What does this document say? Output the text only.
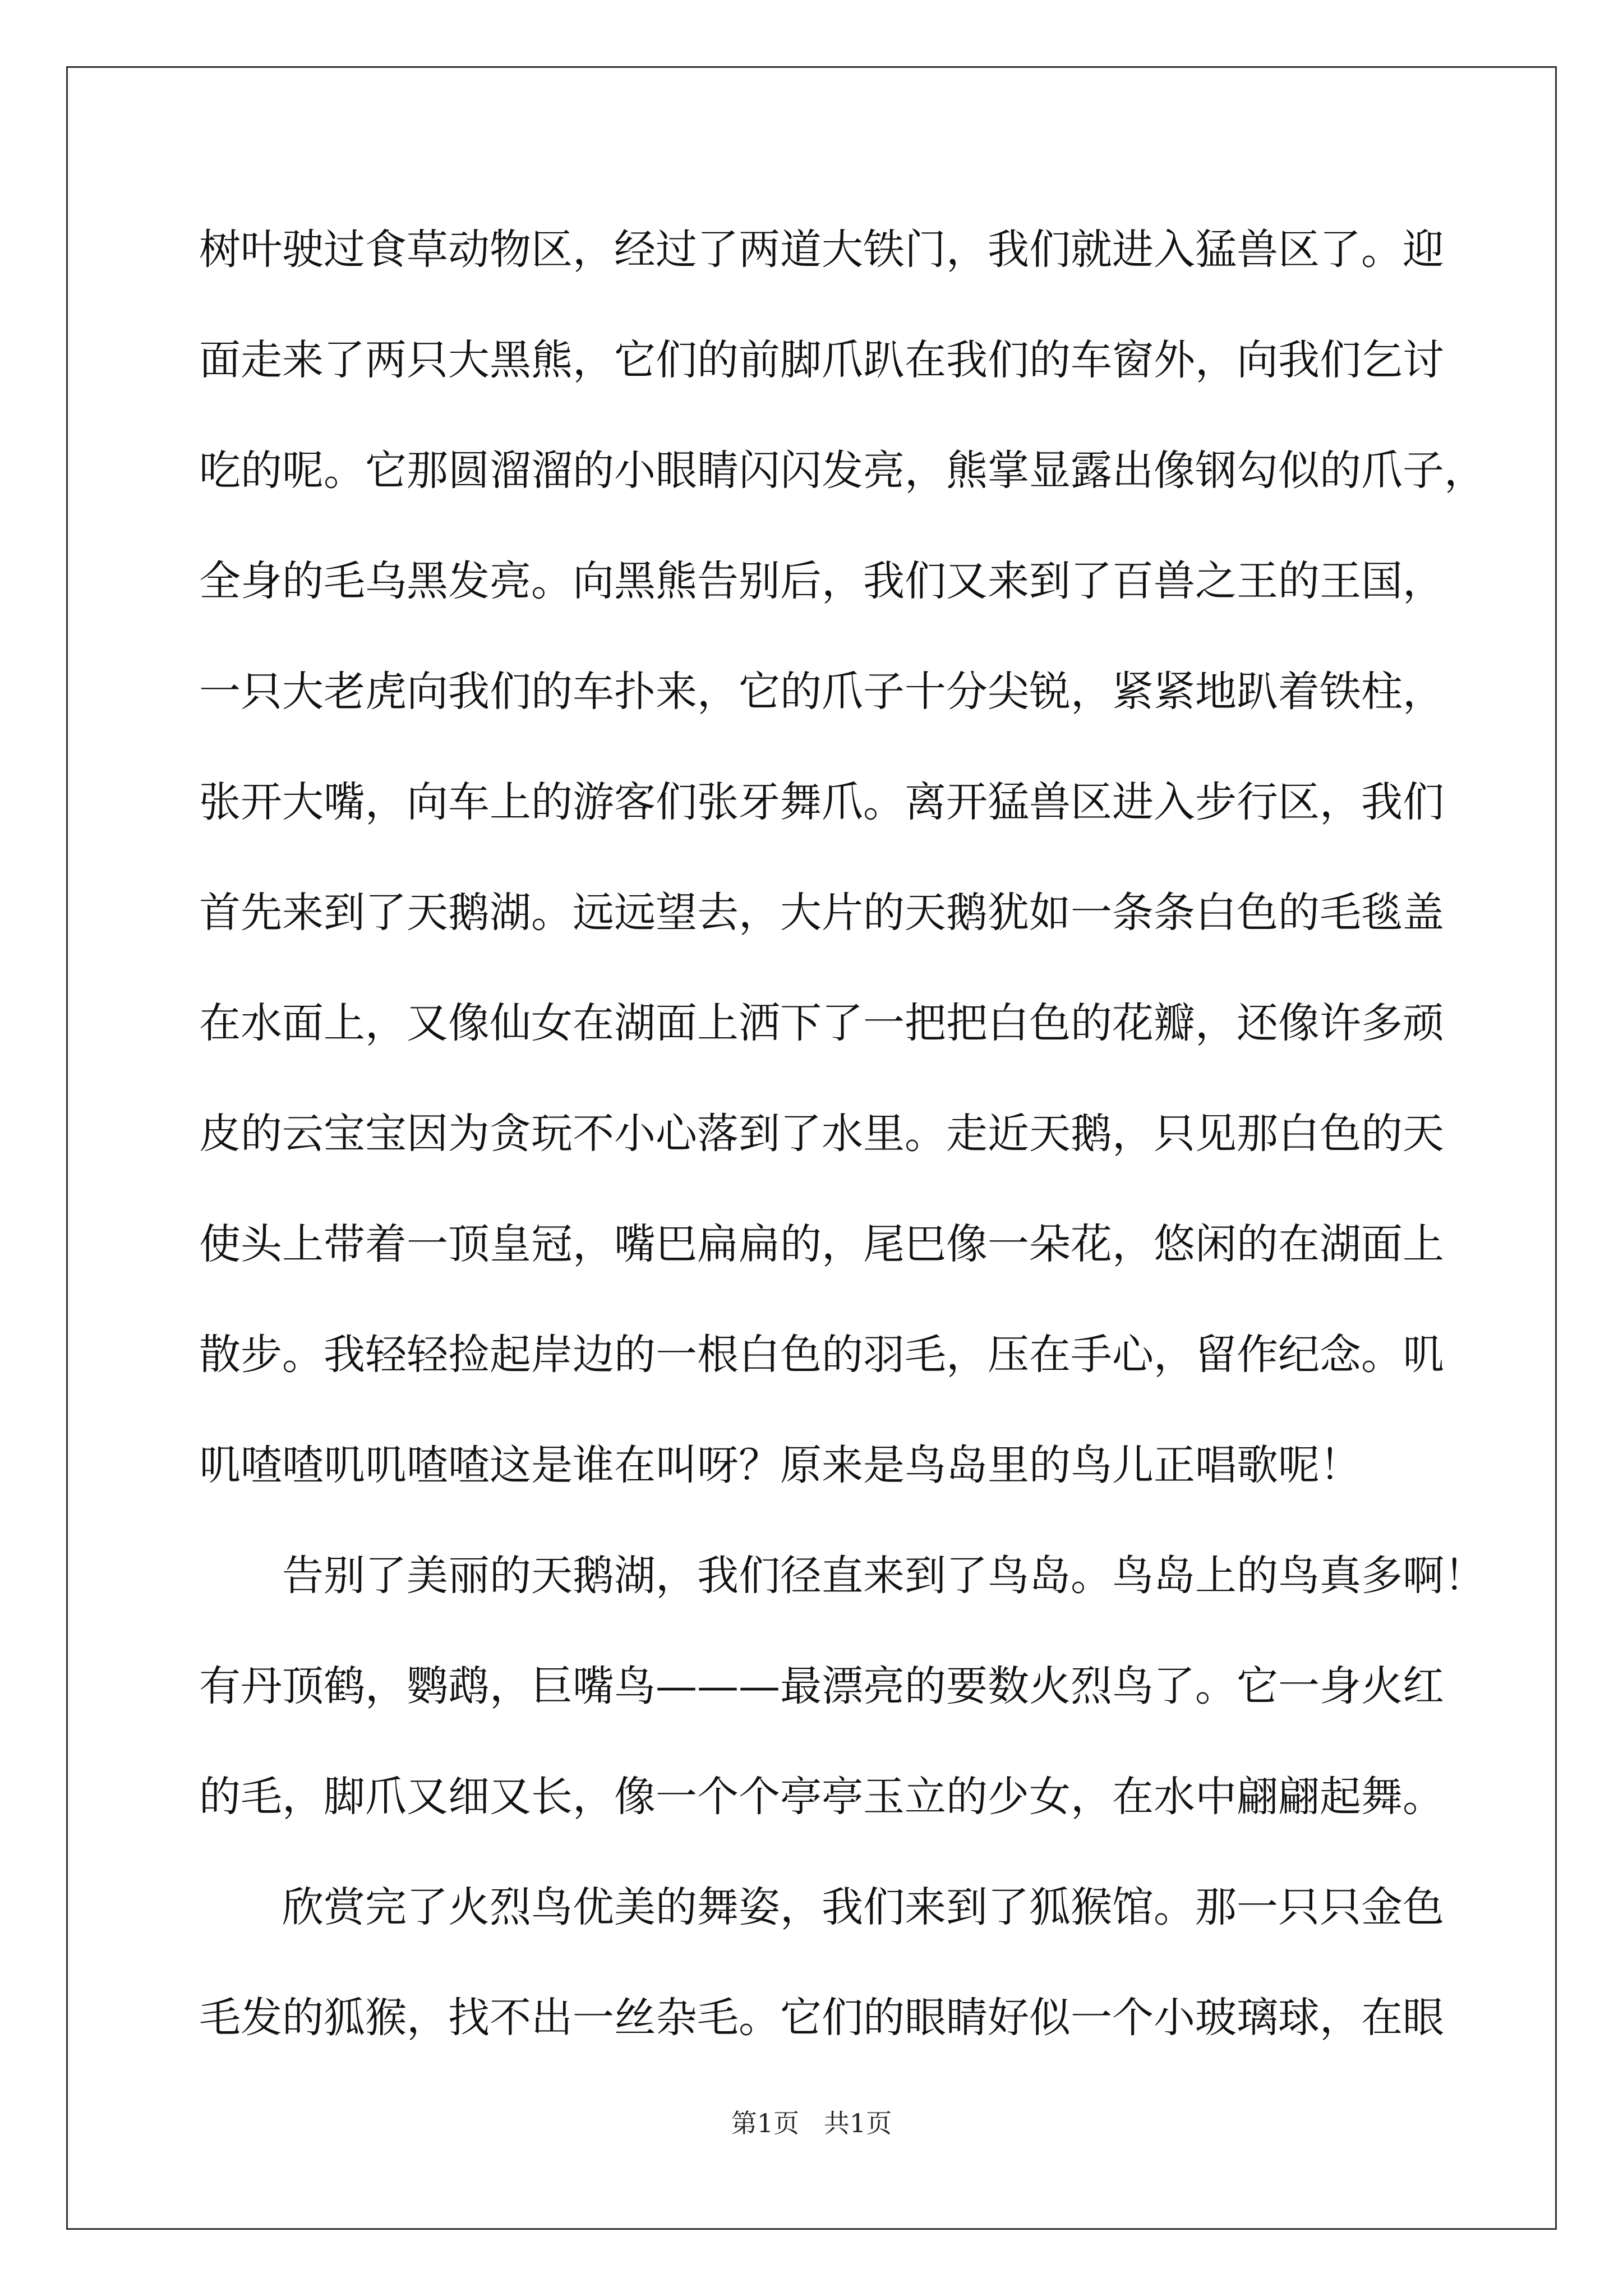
树叶驶过食草动物区，经过了两道大铁门，我们就进入猛兽区了。迎
面走来了两只大黑熊，它们的前脚爪趴在我们的车窗外，向我们乞讨
吃的呢。它那圆溜溜的小眼睛闪闪发亮，熊掌显露出像钢勾似的爪子，
全身的毛乌黑发亮。向黑熊告别后，我们又来到了百兽之王的王国，
一只大老虎向我们的车扑来，它的爪子十分尖锐，紧紧地趴着铁柱，
张开大嘴，向车上的游客们张牙舞爪。离开猛兽区进入步行区，我们
首先来到了天鹅湖。远远望去，大片的天鹅犹如一条条白色的毛毯盖
在水面上，又像仙女在湖面上洒下了一把把白色的花瓣，还像许多顽
皮的云宝宝因为贪玩不小心落到了水里。走近天鹅，只见那白色的天
使头上带着一顶皇冠，嘴巴扁扁的，尾巴像一朵花，悠闲的在湖面上
散步。我轻轻捡起岸边的一根白色的羽毛，压在手心，留作纪念。叽
叽喳喳叽叽喳喳这是谁在叫呀？原来是鸟岛里的鸟儿正唱歌呢！
告别了美丽的天鹅湖，我们径直来到了鸟岛。鸟岛上的鸟真多啊！
有丹顶鹤，鹦鹉，巨嘴鸟———最漂亮的要数火烈鸟了。它一身火红
的毛，脚爪又细又长，像一个个亭亭玉立的少女，在水中翩翩起舞。
欣赏完了火烈鸟优美的舞姿，我们来到了狐猴馆。那一只只金色
毛发的狐猴，找不出一丝杂毛。它们的眼睛好似一个小玻璃球，在眼
第1页   共1页
